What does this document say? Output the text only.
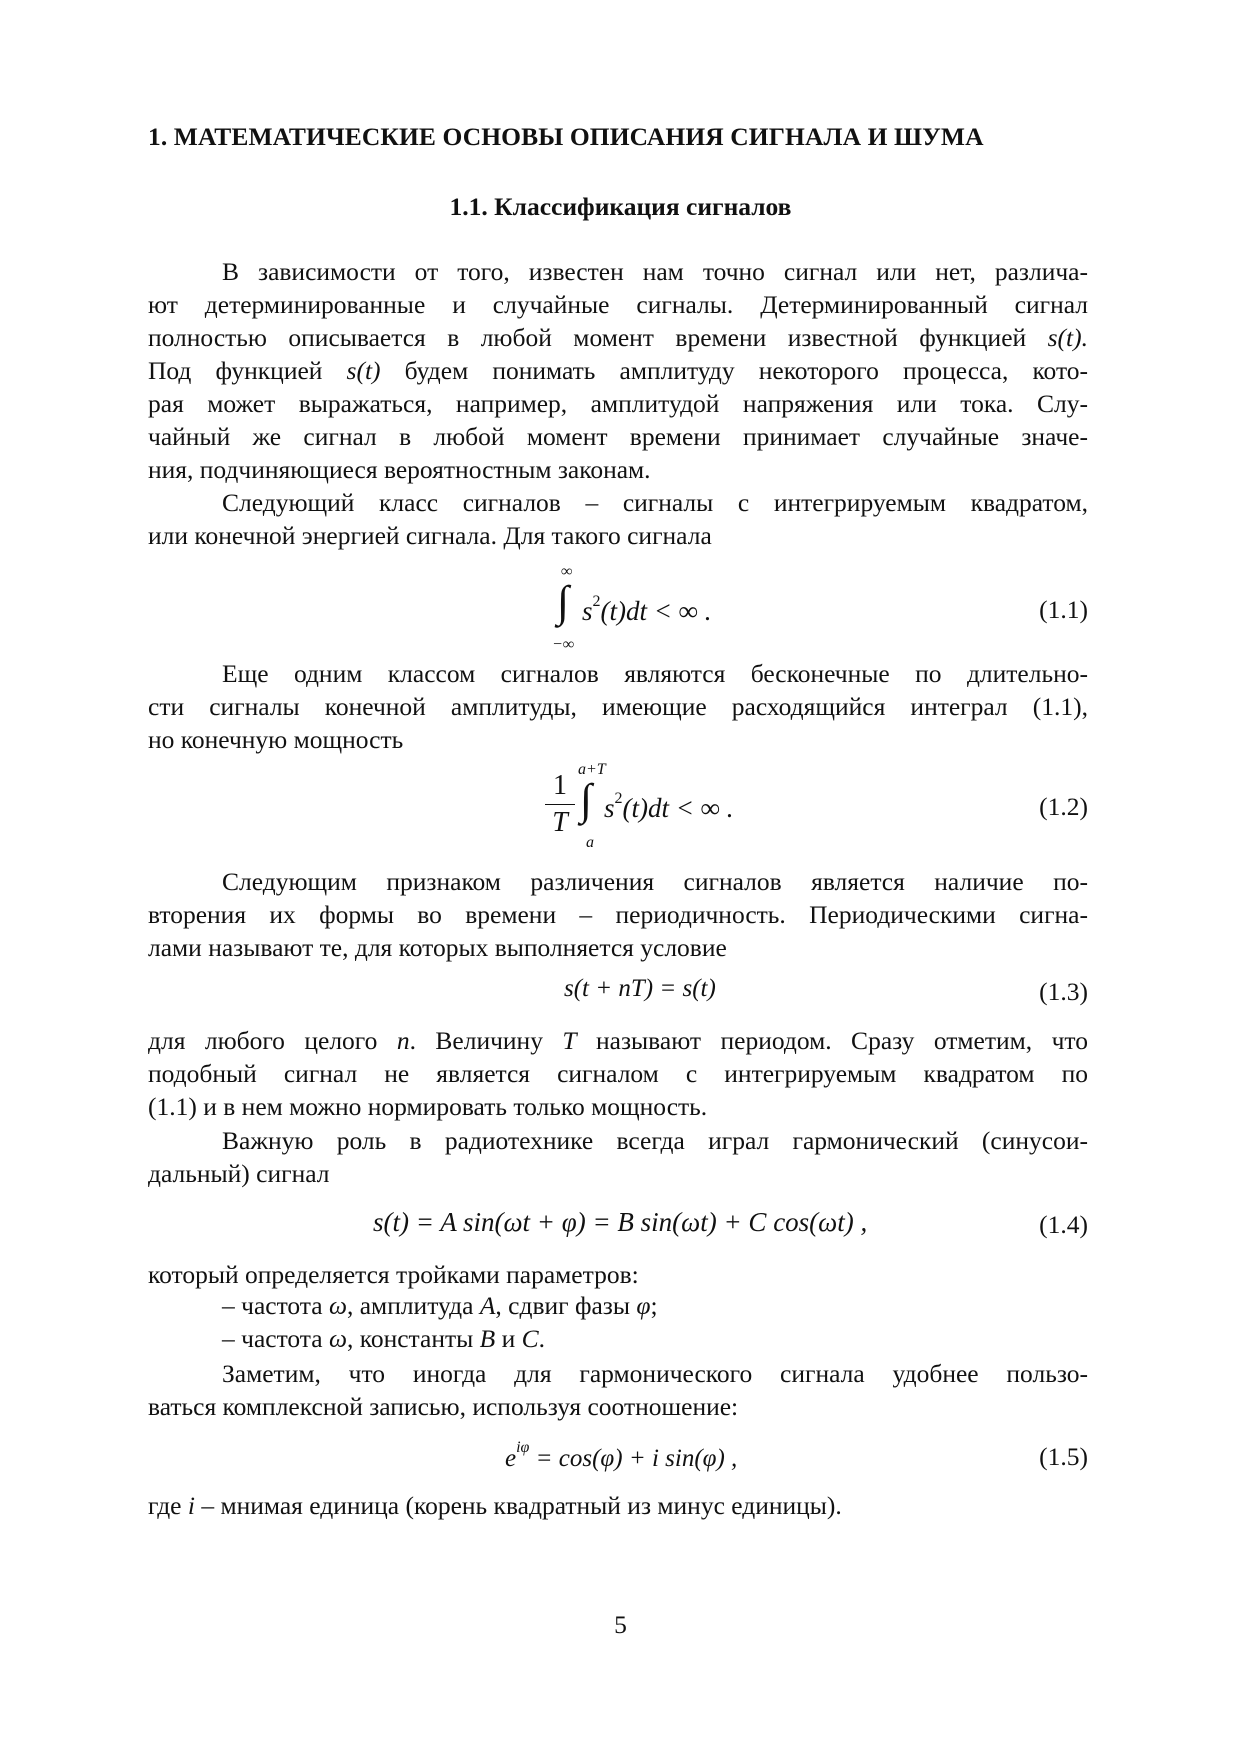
1. МАТЕМАТИЧЕСКИЕ ОСНОВЫ ОПИСАНИЯ СИГНАЛА И ШУМА
1.1. Классификация сигналов
В зависимости от того, известен нам точно сигнал или нет, различа-
ют детерминированные и случайные сигналы. Детерминированный сигнал
полностью описывается в любой момент времени известной функцией s(t).
Под функцией s(t) будем понимать амплитуду некоторого процесса, кото-
рая может выражаться, например, амплитудой напряжения или тока. Слу-
чайный же сигнал в любой момент времени принимает случайные значе-
ния, подчиняющиеся вероятностным законам.
Следующий класс сигналов – сигналы с интегрируемым квадратом,
или конечной энергией сигнала. Для такого сигнала
∞
∫
−∞
$s^2(t)dt$ < ∞ .	(1.1)
Еще одним классом сигналов являются бесконечные по длительно-
сти сигналы конечной амплитуды, имеющие расходящийся интеграл (1.1),
но конечную мощность
1
T
a+T
∫
a
$s^2(t)dt$ < ∞ .	(1.2)
Следующим признаком различения сигналов является наличие по-
вторения их формы во времени – периодичность. Периодическими сигна-
лами называют те, для которых выполняется условие
s(t + nT) = s(t)	(1.3)
для любого целого n. Величину T называют периодом. Сразу отметим, что
подобный сигнал не является сигналом с интегрируемым квадратом по
(1.1) и в нем можно нормировать только мощность.
Важную роль в радиотехнике всегда играл гармонический (синусои-
дальный) сигнал
s(t) = A sin(ωt + φ) = B sin(ωt) + C cos(ωt) ,	(1.4)
который определяется тройками параметров:
– частота ω, амплитуда A, сдвиг фазы φ;
– частота ω, константы B и C.
Заметим, что иногда для гармонического сигнала удобнее пользо-
ваться комплексной записью, используя соотношение:
$e^{i\varphi} = \cos(\varphi) + i$ sin(φ) ,	(1.5)
где i – мнимая единица (корень квадратный из минус единицы).
5
